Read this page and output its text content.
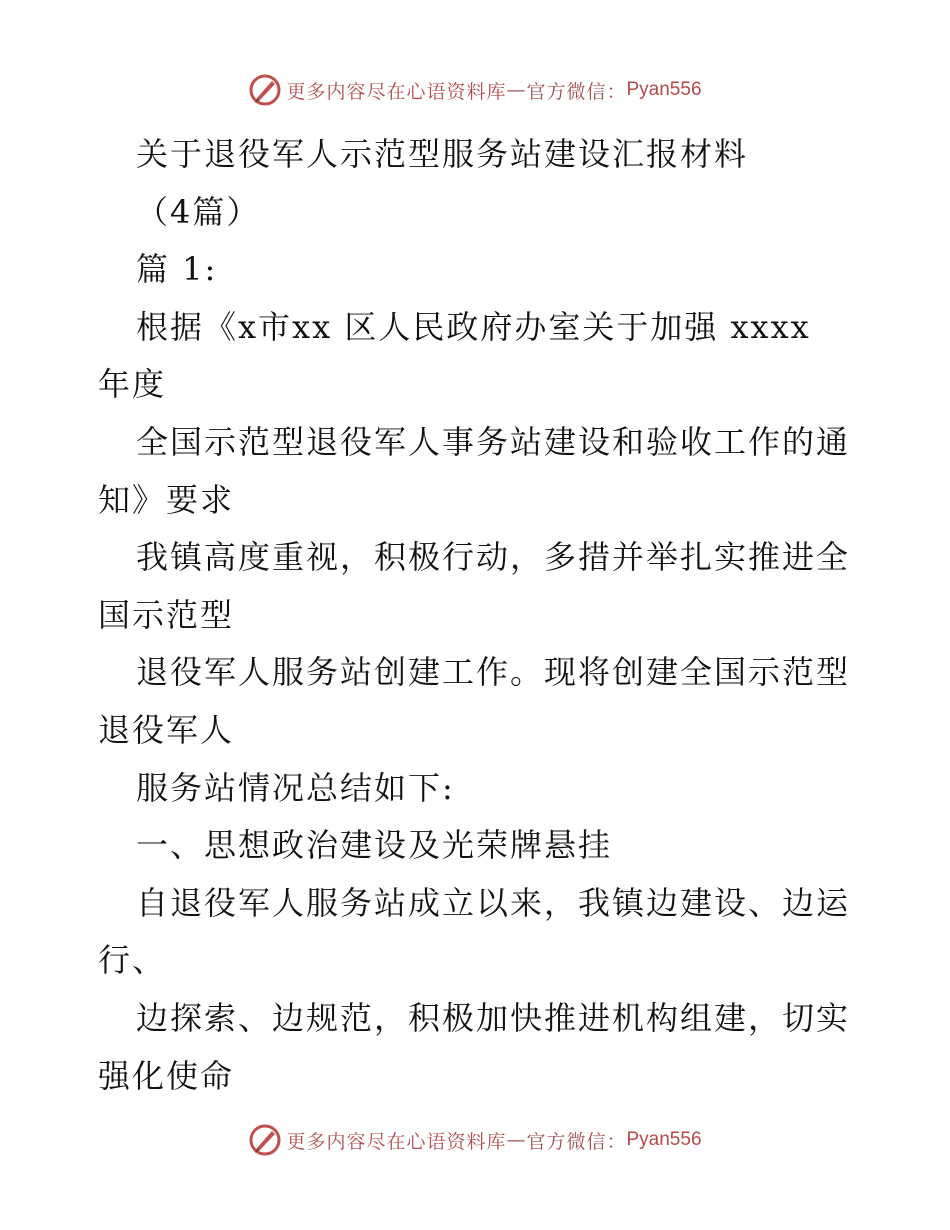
更多内容尽在心语资料库 — 官方微信： Pyan556

关于退役军人示范型服务站建设汇报材料

（4篇）

篇 1:

根据《x市xx 区人民政府办室关于加强 xxxx

年度

全国示范型退役军人事务站建设和验收工作的通

知》要求

我镇高度重视，积极行动，多措并举扎实推进全

国示范型

退役军人服务站创建工作。现将创建全国示范型

退役军人

服务站情况总结如下:

一、思想政治建设及光荣牌悬挂

自退役军人服务站成立以来，我镇边建设、边运

行、

边探索、边规范，积极加快推进机构组建，切实

强化使命

更多内容尽在心语资料库 — 官方微信： Pyan556
